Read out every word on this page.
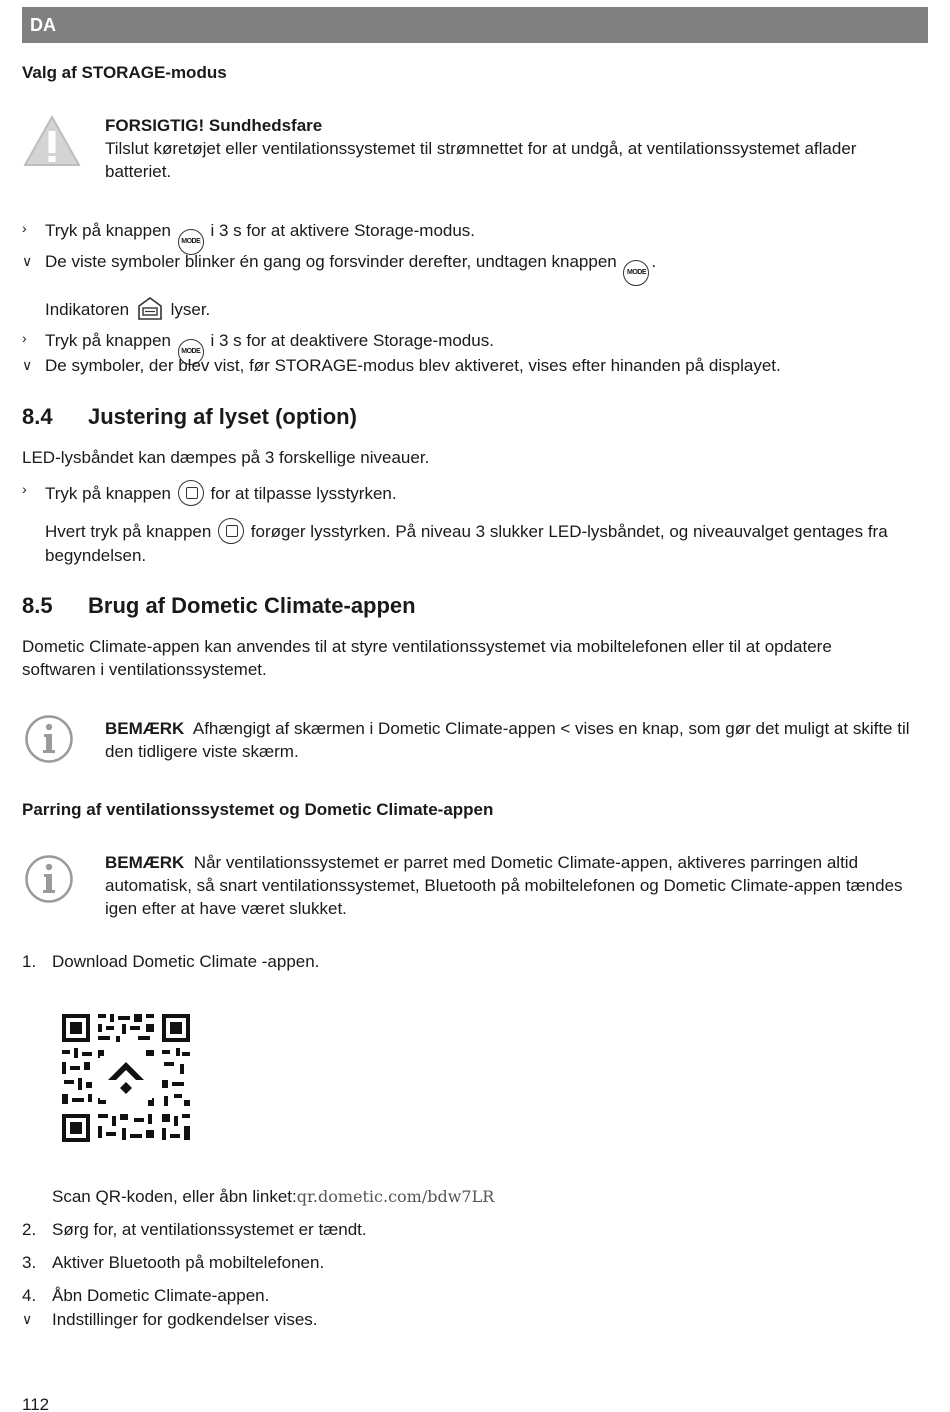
DA
Valg af STORAGE-modus
FORSIGTIG! Sundhedsfare
Tilslut køretøjet eller ventilationssystemet til strømnettet for at undgå, at ventilationssystemet aflader batteriet.
› Tryk på knappen MODE i 3 s for at aktivere Storage-modus.
∨ De viste symboler blinker én gang og forsvinder derefter, undtagen knappen MODE.
Indikatoren lyser.
› Tryk på knappen MODE i 3 s for at deaktivere Storage-modus.
∨ De symboler, der blev vist, før STORAGE-modus blev aktiveret, vises efter hinanden på displayet.
8.4 Justering af lyset (option)
LED-lysbåndet kan dæmpes på 3 forskellige niveauer.
› Tryk på knappen for at tilpasse lysstyrken.
Hvert tryk på knappen forøger lysstyrken. På niveau 3 slukker LED-lysbåndet, og niveauvalget gentages fra begyndelsen.
8.5 Brug af Dometic Climate-appen
Dometic Climate-appen kan anvendes til at styre ventilationssystemet via mobiltelefonen eller til at opdatere softwaren i ventilationssystemet.
BEMÆRK Afhængigt af skærmen i Dometic Climate-appen < vises en knap, som gør det muligt at skifte til den tidligere viste skærm.
Parring af ventilationssystemet og Dometic Climate-appen
BEMÆRK Når ventilationssystemet er parret med Dometic Climate-appen, aktiveres parringen altid automatisk, så snart ventilationssystemet, Bluetooth på mobiltelefonen og Dometic Climate-appen tændes igen efter at have været slukket.
1. Download Dometic Climate -appen.
Scan QR-koden, eller åbn linket:qr.dometic.com/bdw7LR
2. Sørg for, at ventilationssystemet er tændt.
3. Aktiver Bluetooth på mobiltelefonen.
4. Åbn Dometic Climate-appen.
∨ Indstillinger for godkendelser vises.
112
